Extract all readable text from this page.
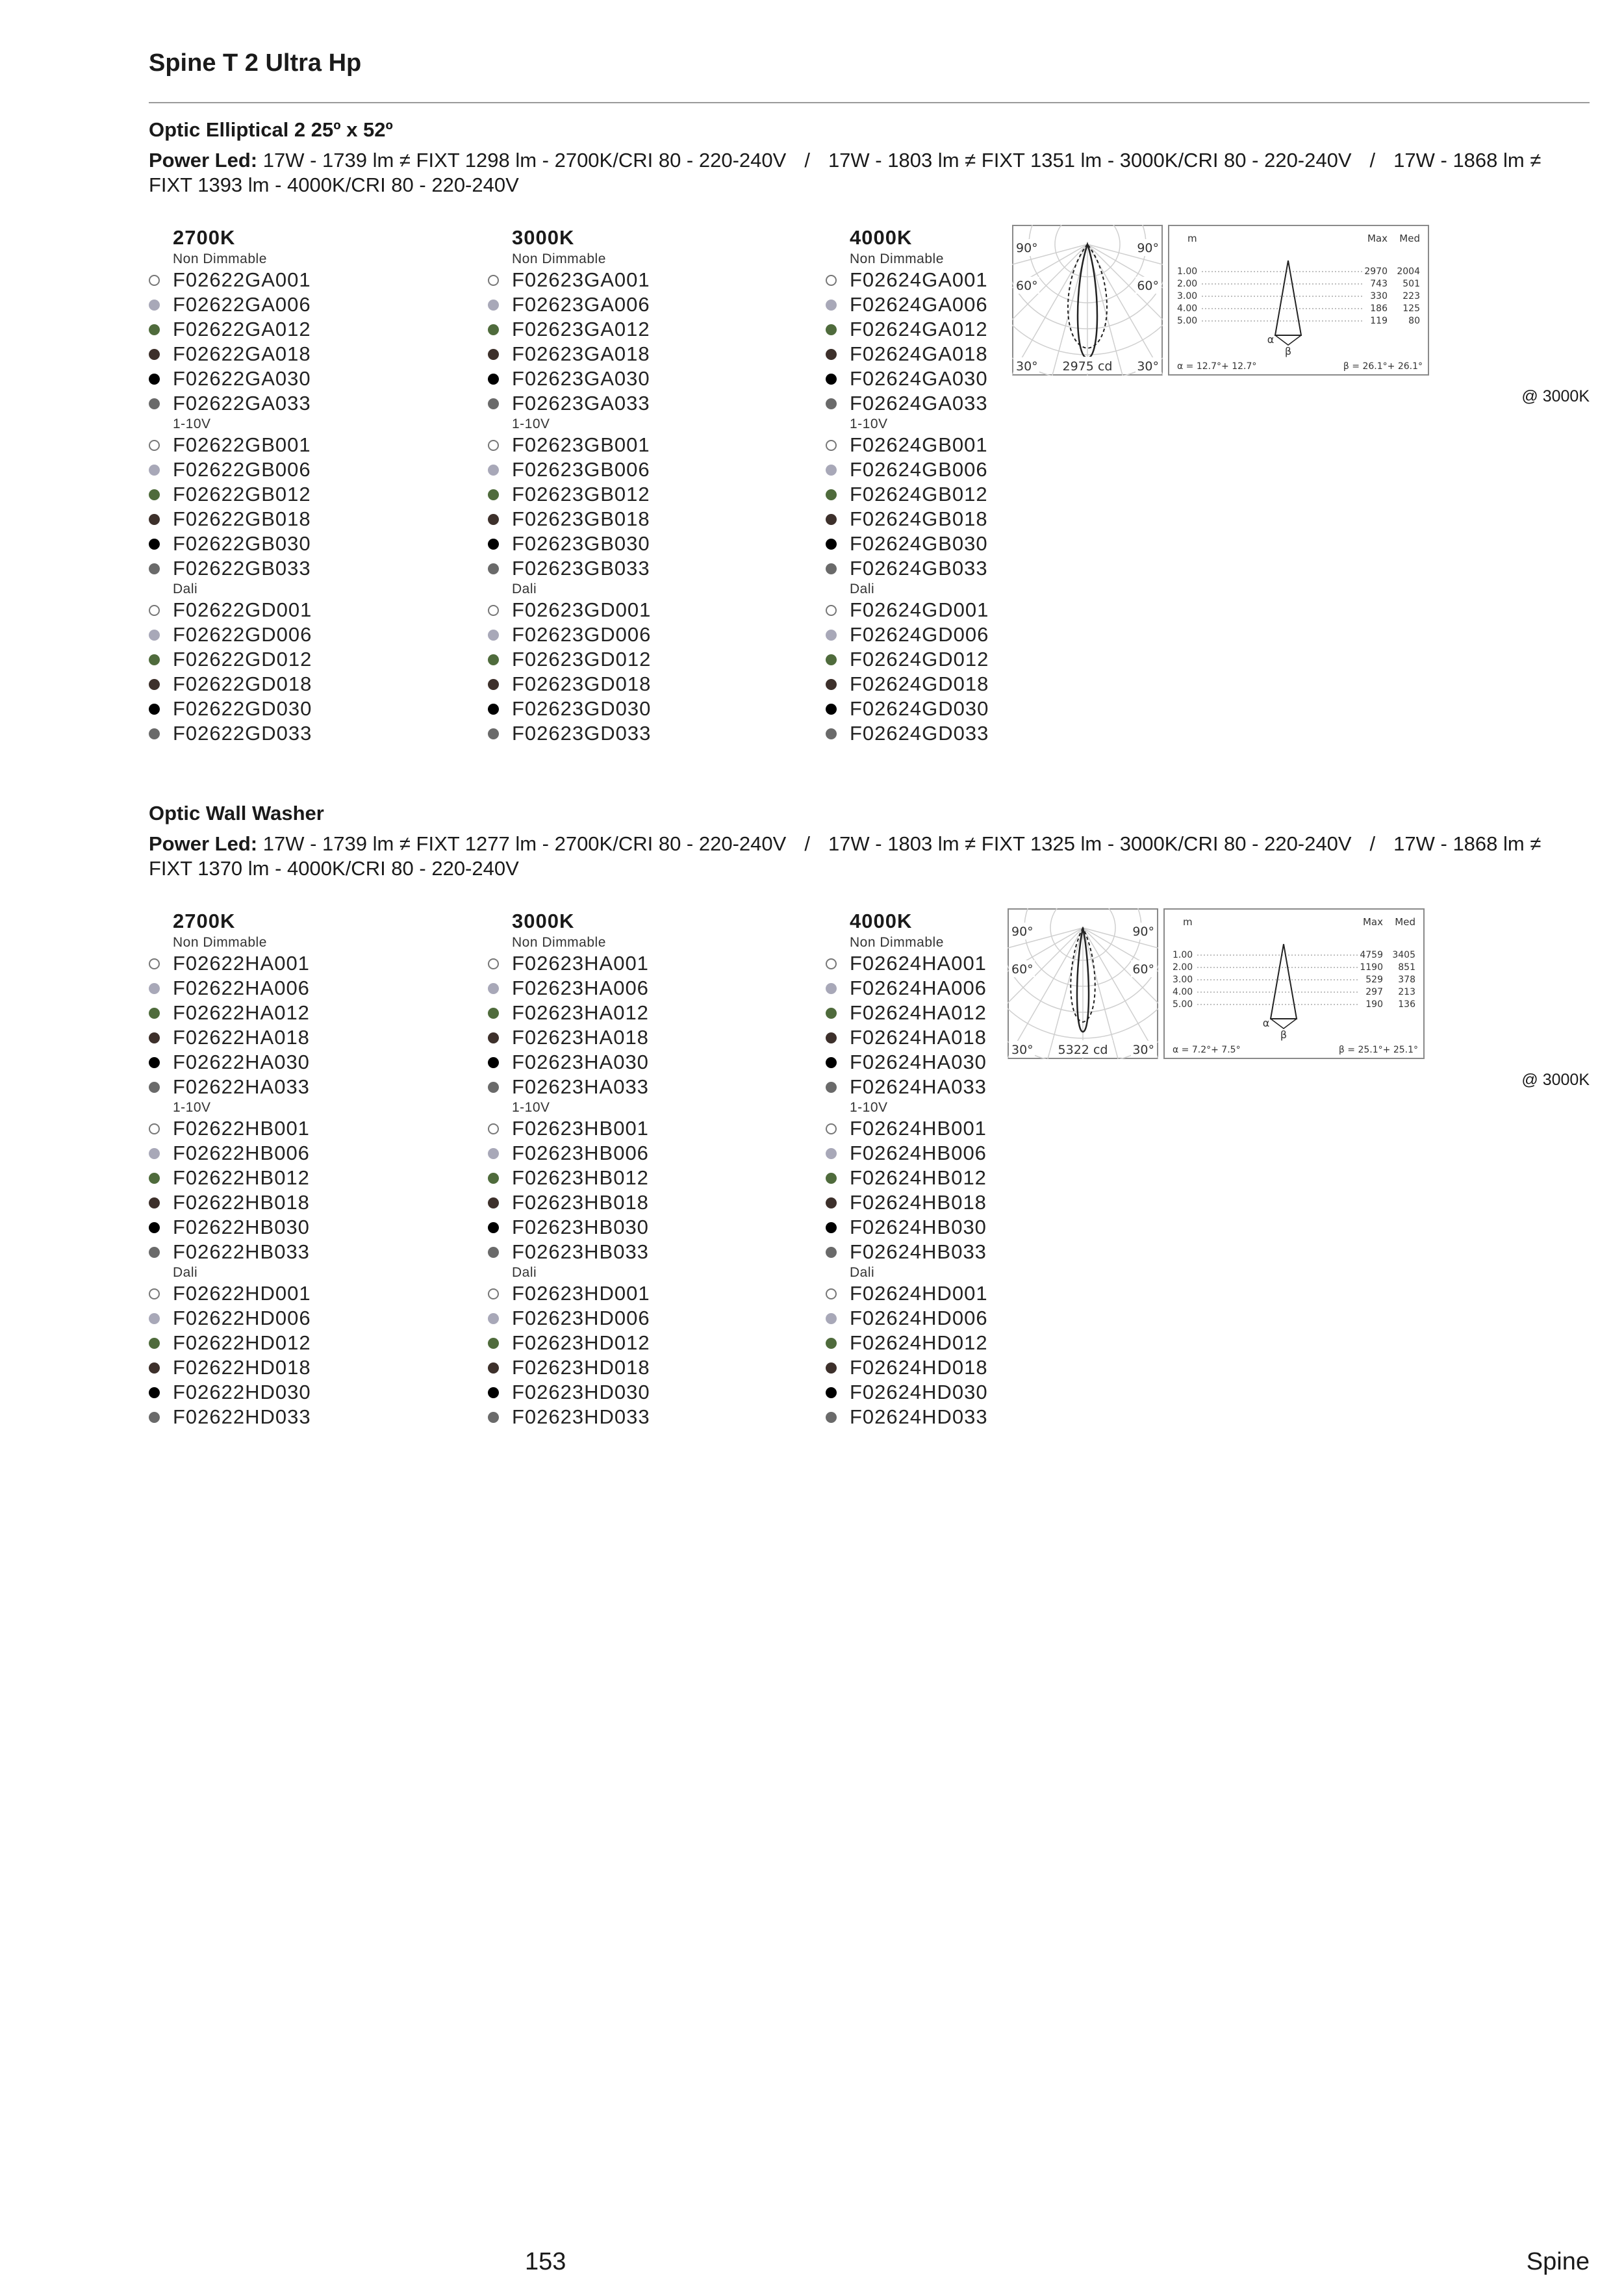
Spine T 2 Ultra Hp
Optic Elliptical 2 25º x 52º
Power Led: 17W - 1739 lm ≠ FIXT 1298 lm - 2700K/CRI 80 - 220-240V / 17W - 1803 lm ≠ FIXT 1351 lm - 3000K/CRI 80 - 220-240V / 17W - 1868 lm ≠ FIXT 1393 lm - 4000K/CRI 80 - 220-240V
2700K
Non Dimmable
F02622GA001
F02622GA006
F02622GA012
F02622GA018
F02622GA030
F02622GA033
1-10V
F02622GB001
F02622GB006
F02622GB012
F02622GB018
F02622GB030
F02622GB033
Dali
F02622GD001
F02622GD006
F02622GD012
F02622GD018
F02622GD030
F02622GD033
3000K
Non Dimmable
F02623GA001
F02623GA006
F02623GA012
F02623GA018
F02623GA030
F02623GA033
1-10V
F02623GB001
F02623GB006
F02623GB012
F02623GB018
F02623GB030
F02623GB033
Dali
F02623GD001
F02623GD006
F02623GD012
F02623GD018
F02623GD030
F02623GD033
4000K
Non Dimmable
F02624GA001
F02624GA006
F02624GA012
F02624GA018
F02624GA030
F02624GA033
1-10V
F02624GB001
F02624GB006
F02624GB012
F02624GB018
F02624GB030
F02624GB033
Dali
F02624GD001
F02624GD006
F02624GD012
F02624GD018
F02624GD030
F02624GD033
90°	90°
60°	60°
30°	30°
2975 cd
m	Max Med
1.00	2970 2004
2.00	743 501
3.00	330 223
4.00	186 125
5.00	119 80
α
β
α = 12.7°+ 12.7°	β = 26.1°+ 26.1°
@ 3000K
Optic Wall Washer
Power Led: 17W - 1739 lm ≠ FIXT 1277 lm - 2700K/CRI 80 - 220-240V / 17W - 1803 lm ≠ FIXT 1325 lm - 3000K/CRI 80 - 220-240V / 17W - 1868 lm ≠ FIXT 1370 lm - 4000K/CRI 80 - 220-240V
2700K
Non Dimmable
F02622HA001
F02622HA006
F02622HA012
F02622HA018
F02622HA030
F02622HA033
1-10V
F02622HB001
F02622HB006
F02622HB012
F02622HB018
F02622HB030
F02622HB033
Dali
F02622HD001
F02622HD006
F02622HD012
F02622HD018
F02622HD030
F02622HD033
3000K
Non Dimmable
F02623HA001
F02623HA006
F02623HA012
F02623HA018
F02623HA030
F02623HA033
1-10V
F02623HB001
F02623HB006
F02623HB012
F02623HB018
F02623HB030
F02623HB033
Dali
F02623HD001
F02623HD006
F02623HD012
F02623HD018
F02623HD030
F02623HD033
4000K
Non Dimmable
F02624HA001
F02624HA006
F02624HA012
F02624HA018
F02624HA030
F02624HA033
1-10V
F02624HB001
F02624HB006
F02624HB012
F02624HB018
F02624HB030
F02624HB033
Dali
F02624HD001
F02624HD006
F02624HD012
F02624HD018
F02624HD030
F02624HD033
90°	90°
60°	60°
30°	30°
5322 cd
m	Max Med
1.00	4759 3405
2.00	1190 851
3.00	529 378
4.00	297 213
5.00	190 136
α
β
α = 7.2°+ 7.5°	β = 25.1°+ 25.1°
@ 3000K
153	Spine
